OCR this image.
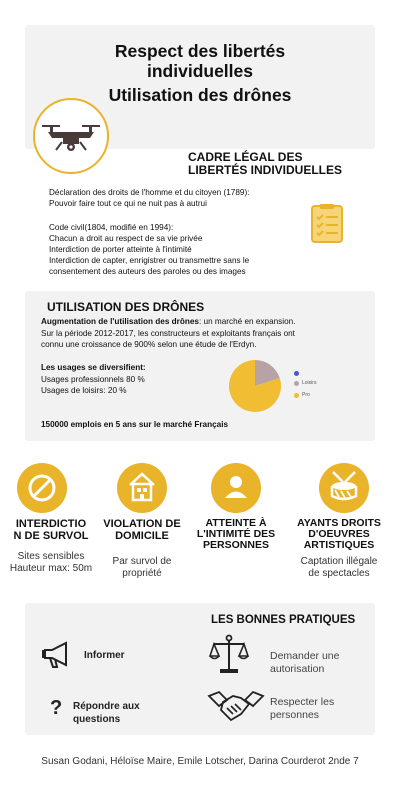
Respect des libertés
individuelles
Utilisation des drônes
CADRE LÉGAL DES
LIBERTÉS INDIVIDUELLES
Déclaration des droits de l'homme et du citoyen (1789):
Pouvoir faire tout ce qui ne nuit pas à autrui
Code civil(1804, modifié en 1994):
Chacun a droit au respect de sa vie privée
Interdiction de porter atteinte à l'intimité
Interdiction de capter, enrigistrer ou transmettre sans le
consentement des auteurs des paroles ou des images
UTILISATION DES DRÔNES
Augmentation de l'utilisation des drônes: un marché en expansion.
Sur la période 2012-2017, les constructeurs et exploitants français ont
connu une croissance de 900% selon une étude de l'Erdyn.
Les usages se diversifient:
Usages professionnels 80 %
Usages de loisirs: 20 %
150000 emplois en 5 ans sur le marché Français
Loisirs
Pro
INTERDICTIO
N DE SURVOL
Sites sensibles
Hauteur max: 50m
VIOLATION DE
DOMICILE
Par survol de
propriété
ATTEINTE À
L'INTIMITÉ DES
PERSONNES
AYANTS DROITS
D'OEUVRES
ARTISTIQUES
Captation illégale
de spectacles
LES BONNES PRATIQUES
Informer
? Répondre aux
questions
Demander une
autorisation
Respecter les
personnes
Susan Godani, Héloïse Maire, Emile Lotscher, Darina Courderot 2nde 7
